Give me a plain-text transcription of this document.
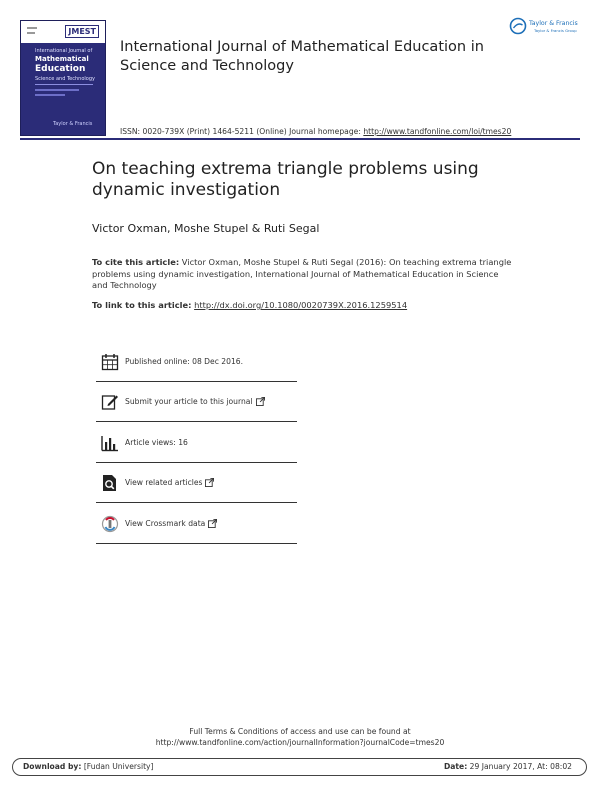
JMEST
International Journal of
Mathematical
Education
Science and Technology
Taylor & Francis
International Journal of Mathematical Education in Science and Technology
Taylor & Francis
Taylor & Francis Group
ISSN: 0020-739X (Print) 1464-5211 (Online) Journal homepage: http://www.tandfonline.com/loi/tmes20
On teaching extrema triangle problems using dynamic investigation
Victor Oxman, Moshe Stupel & Ruti Segal
To cite this article: Victor Oxman, Moshe Stupel & Ruti Segal (2016): On teaching extrema triangle problems using dynamic investigation, International Journal of Mathematical Education in Science and Technology
To link to this article: http://dx.doi.org/10.1080/0020739X.2016.1259514
Published online: 08 Dec 2016.
Submit your article to this journal
Article views: 16
View related articles
View Crossmark data
Full Terms & Conditions of access and use can be found at
http://www.tandfonline.com/action/journalInformation?journalCode=tmes20
Download by: [Fudan University]	Date: 29 January 2017, At: 08:02
